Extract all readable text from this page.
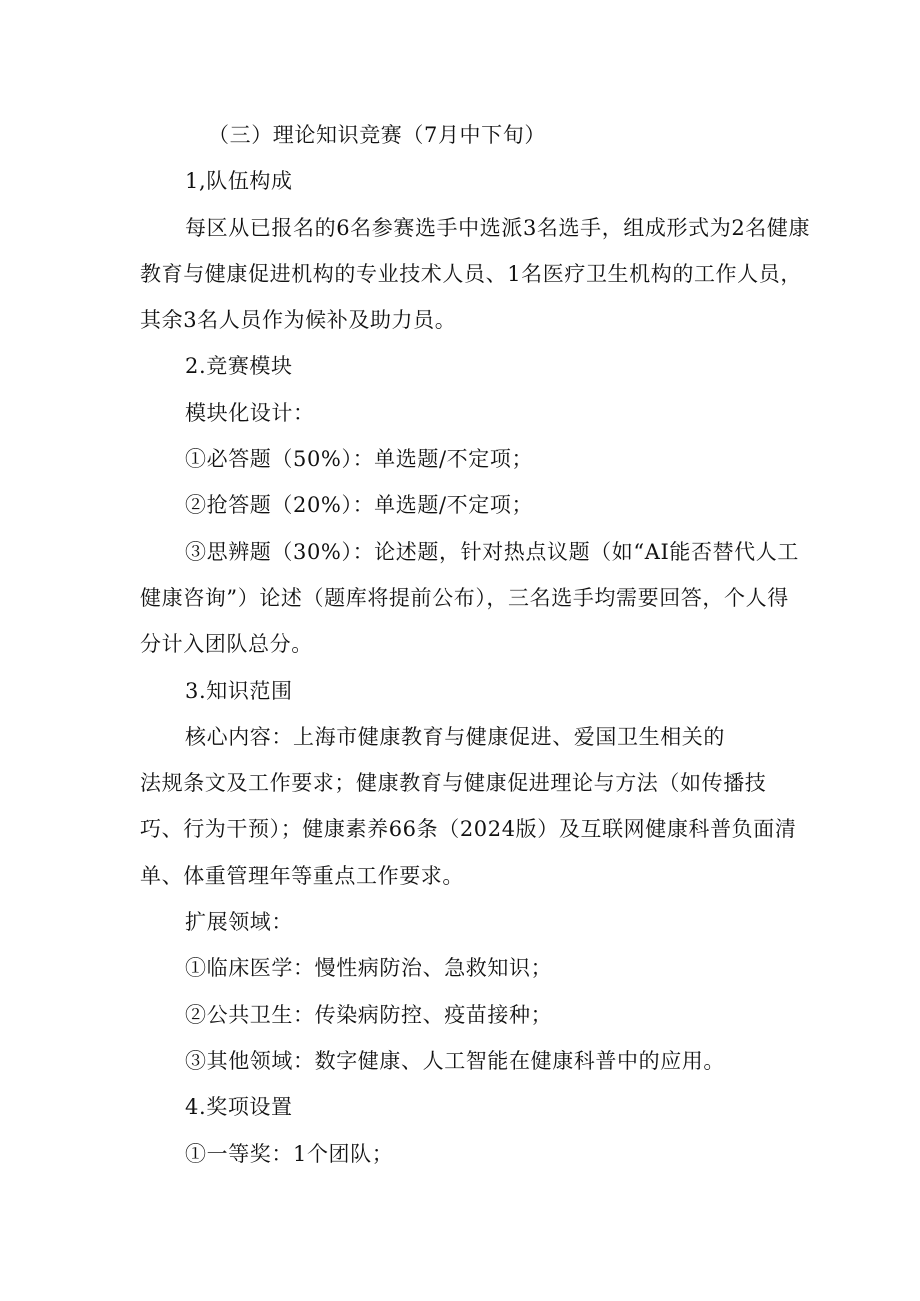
（三）理论知识竞赛（7月中下旬）

1,队伍构成

每区从已报名的6名参赛选手中选派3名选手，组成形式为2名健康

教育与健康促进机构的专业技术人员、1名医疗卫生机构的工作人员，

其余3名人员作为候补及助力员。

2.竞赛模块

模块化设计：

①必答题（50%）：单选题/不定项；

②抢答题（20%）：单选题/不定项；

③思辨题（30%）：论述题，针对热点议题（如“AI能否替代人工

健康咨询”）论述（题库将提前公布），三名选手均需要回答，个人得

分计入团队总分。

3.知识范围

核心内容：上海市健康教育与健康促进、爱国卫生相关的

法规条文及工作要求；健康教育与健康促进理论与方法（如传播技

巧、行为干预）；健康素养66条（2024版）及互联网健康科普负面清

单、体重管理年等重点工作要求。

扩展领域：

①临床医学：慢性病防治、急救知识；

②公共卫生：传染病防控、疫苗接种；

③其他领域：数字健康、人工智能在健康科普中的应用。

4.奖项设置

①一等奖：1个团队；
